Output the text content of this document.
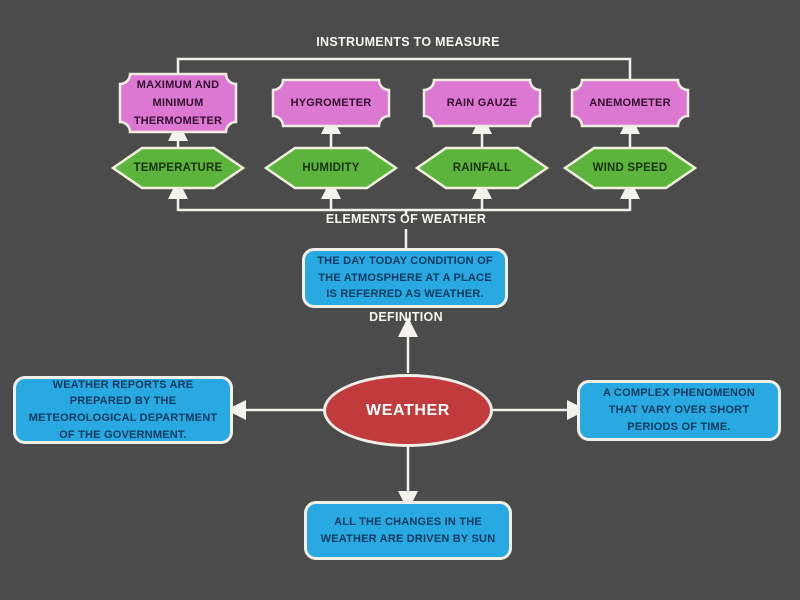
INSTRUMENTS TO MEASURE
ELEMENTS OF WEATHER
DEFINITION
MAXIMUM AND MINIMUM THERMOMETER
HYGROMETER	RAIN GAUZE	ANEMOMETER
TEMPERATURE	HUMIDITY	RAINFALL	WIND SPEED
THE DAY TODAY CONDITION OF THE ATMOSPHERE AT A PLACE IS REFERRED AS WEATHER.
WEATHER REPORTS ARE PREPARED BY THE METEOROLOGICAL DEPARTMENT OF THE GOVERNMENT.
A COMPLEX PHENOMENON THAT VARY OVER SHORT PERIODS OF TIME.
ALL THE CHANGES IN THE WEATHER ARE DRIVEN BY SUN
WEATHER
